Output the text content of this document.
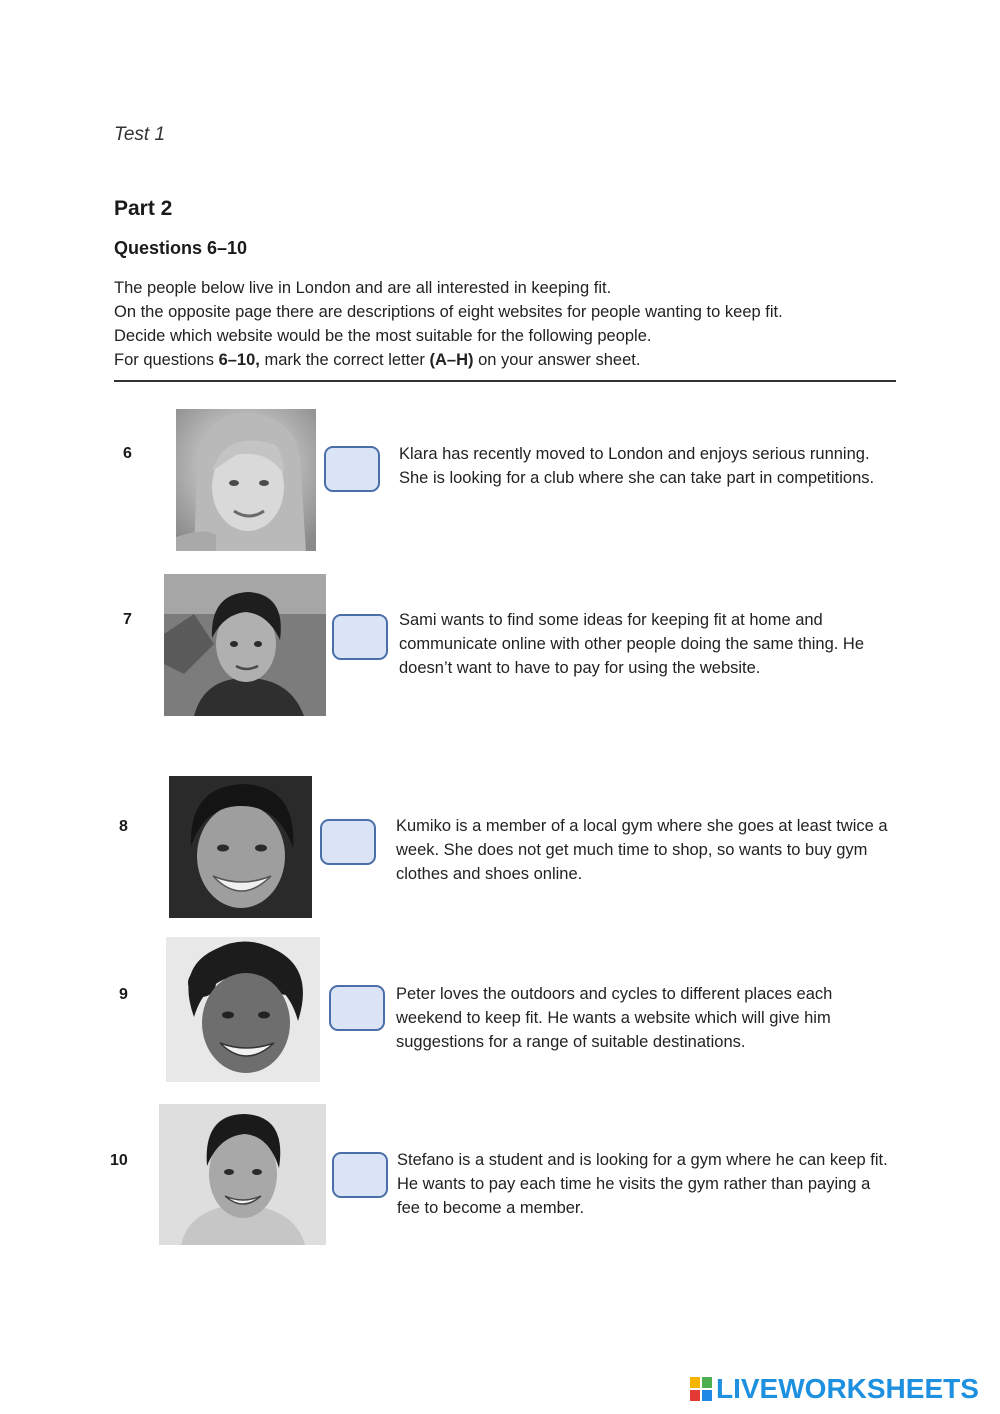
Test 1
Part 2
Questions 6–10

The people below live in London and are all interested in keeping fit.

On the opposite page there are descriptions of eight websites for people wanting to keep fit.

Decide which website would be the most suitable for the following people.

For questions 6–10, mark the correct letter (A–H) on your answer sheet.

6	Klara has recently moved to London and enjoys serious running. She is looking for a club where she can take part in competitions.
7	Sami wants to find some ideas for keeping fit at home and communicate online with other people doing the same thing. He doesn’t want to have to pay for using the website.
8	Kumiko is a member of a local gym where she goes at least twice a week. She does not get much time to shop, so wants to buy gym clothes and shoes online.
9	Peter loves the outdoors and cycles to different places each weekend to keep fit. He wants a website which will give him suggestions for a range of suitable destinations.
10	Stefano is a student and is looking for a gym where he can keep fit. He wants to pay each time he visits the gym rather than paying a fee to become a member.
LIVEWORKSHEETS
